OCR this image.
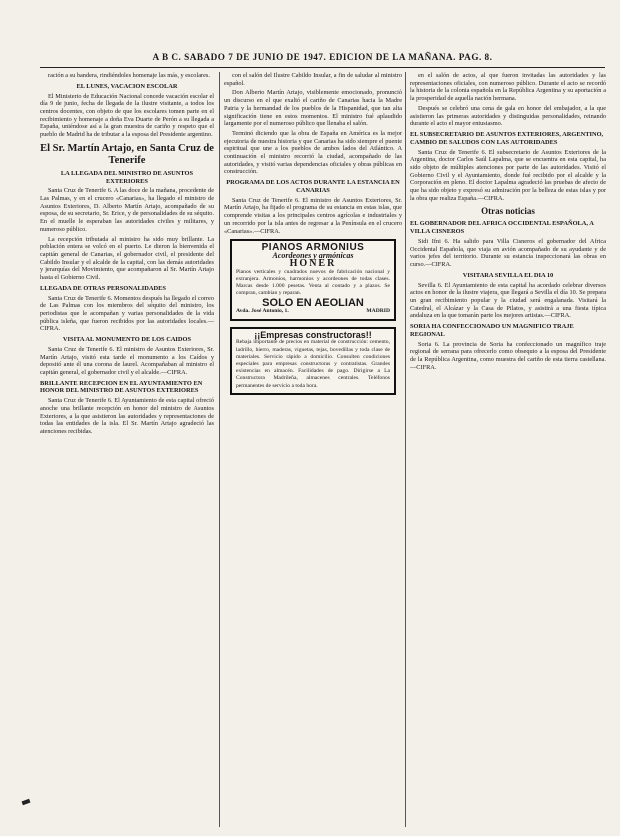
A B C. SABADO 7 DE JUNIO DE 1947. EDICION DE LA MAÑANA. PAG. 8.

ración a su bandera, rindiéndoles homenaje las más, y escolares.

EL LUNES, VACACION ESCOLAR

El Ministerio de Educación Nacional concede vacación escolar el día 9 de junio, fecha de llegada de la ilustre visitante, a todos los centros docentes, con objeto de que los escolares tomen parte en el recibimiento y homenaje a doña Eva Duarte de Perón a su llegada a España, uniéndose así a la gran muestra de cariño y respeto que el pueblo de Madrid ha de tributar a la esposa del Presidente argentino.

El Sr. Martín Artajo, en Santa Cruz de Tenerife
LA LLEGADA DEL MINISTRO DE ASUNTOS EXTERIORES

Santa Cruz de Tenerife 6. A las doce de la mañana, procedente de Las Palmas, y en el crucero «Canarias», ha llegado el ministro de Asuntos Exteriores, D. Alberto Martín Artajo, acompañado de su esposa, de su secretario, Sr. Erice, y de personalidades de su séquito. En el muelle le esperaban las autoridades civiles y militares, y numeroso público.

La recepción tributada al ministro ha sido muy brillante. La población entera se volcó en el puerto. Le dieron la bienvenida el capitán general de Canarias, el gobernador civil, el presidente del Cabildo Insular y el alcalde de la capital, con las demás autoridades y jerarquías del Movimiento, que acompañaron al Sr. Martín Artajo hasta el Gobierno Civil.

LLEGADA DE OTRAS PERSONALIDADES

Santa Cruz de Tenerife 6. Momentos después ha llegado el correo de Las Palmas con los miembros del séquito del ministro, los periodistas que le acompañan y varias personalidades de la vida pública isleña, que fueron recibidos por las autoridades locales.—CIFRA.

VISITA AL MONUMENTO DE LOS CAIDOS

Santa Cruz de Tenerife 6. El ministro de Asuntos Exteriores, Sr. Martín Artajo, visitó esta tarde el monumento a los Caídos y depositó ante él una corona de laurel. Acompañaban al ministro el capitán general, el gobernador civil y el alcalde.—CIFRA.

BRILLANTE RECEPCION EN EL AYUNTAMIENTO EN HONOR DEL MINISTRO DE ASUNTOS EXTERIORES

Santa Cruz de Tenerife 6. El Ayuntamiento de esta capital ofreció anoche una brillante recepción en honor del ministro de Asuntos Exteriores, a la que asistieron las autoridades y representaciones de todas las entidades de la isla. El Sr. Martín Artajo agradeció las atenciones recibidas.

con el salón del Ilustre Cabildo Insular, a fin de saludar al ministro español.

Don Alberto Martín Artajo, visiblemente emocionado, pronunció un discurso en el que exaltó el cariño de Canarias hacia la Madre Patria y la hermandad de los pueblos de la Hispanidad, que tan alta significación tiene en estos momentos. El ministro fué aplaudido largamente por el numeroso público que llenaba el salón.

Terminó diciendo que la obra de España en América es la mejor ejecutoria de nuestra historia y que Canarias ha sido siempre el puente espiritual que une a los pueblos de ambos lados del Atlántico. A continuación el ministro recorrió la ciudad, acompañado de las autoridades, y visitó varias dependencias oficiales y obras públicas en construcción.

PROGRAMA DE LOS ACTOS DURANTE LA ESTANCIA EN CANARIAS

Santa Cruz de Tenerife 6. El ministro de Asuntos Exteriores, Sr. Martín Artajo, ha fijado el programa de su estancia en estas islas, que comprende visitas a los principales centros agrícolas e industriales y un recorrido por la isla antes de regresar a la Península en el crucero «Canarias».—CIFRA.

PIANOS ARMONIUS
Acordeones y armónicas
HONER
Pianos verticales y cuadrados nuevos de fabricación nacional y extranjera. Armonios, harmonios y acordeones de todas clases. Marcas desde 1.000 pesetas. Venta al contado y a plazos. Se compran, cambian y reparan.
SOLO EN AEOLIAN
Avda. José Antonio, 1.	MADRID
¡¡Empresas constructoras!!
Rebaja importante de precios en material de construcción: cemento, ladrillo, hierro, maderas, viguetas, tejas, bovedillas y toda clase de materiales. Servicio rápido a domicilio. Consulten condiciones especiales para empresas constructoras y contratistas. Grandes existencias en almacén. Facilidades de pago. Dirigirse a La Constructora Madrileña, almacenes centrales. Teléfonos permanentes de servicio a toda hora.

en el salón de actos, al que fueron invitadas las autoridades y las representaciones oficiales, con numeroso público. Durante el acto se recordó la historia de la colonia española en la República Argentina y su aportación a la prosperidad de aquella nación hermana.

Después se celebró una cena de gala en honor del embajador, a la que asistieron las primeras autoridades y distinguidas personalidades, reinando durante el acto el mayor entusiasmo.

EL SUBSECRETARIO DE ASUNTOS EXTERIORES, ARGENTINO, CAMBIO DE SALUDOS CON LAS AUTORIDADES

Santa Cruz de Tenerife 6. El subsecretario de Asuntos Exteriores de la Argentina, doctor Carlos Saúl Lapalma, que se encuentra en esta capital, ha sido objeto de múltiples atenciones por parte de las autoridades. Visitó el Gobierno Civil y el Ayuntamiento, donde fué recibido por el alcalde y la Corporación en pleno. El doctor Lapalma agradeció las pruebas de afecto de que ha sido objeto y expresó su admiración por la belleza de estas islas y por la obra que realiza España.—CIFRA.

Otras noticias
EL GOBERNADOR DEL AFRICA OCCIDENTAL ESPAÑOLA, A VILLA CISNEROS

Sidi Ifni 6. Ha salido para Villa Cisneros el gobernador del Africa Occidental Española, que viaja en avión acompañado de su ayudante y de varios jefes del territorio. Durante su estancia inspeccionará las obras en curso.—CIFRA.

VISITARA SEVILLA EL DIA 10

Sevilla 6. El Ayuntamiento de esta capital ha acordado celebrar diversos actos en honor de la ilustre viajera, que llegará a Sevilla el día 10. Se prepara un gran recibimiento popular y la ciudad será engalanada. Visitará la Catedral, el Alcázar y la Casa de Pilatos, y asistirá a una fiesta típica andaluza en la que tomarán parte los mejores artistas.—CIFRA.

SORIA HA CONFECCIONADO UN MAGNIFICO TRAJE REGIONAL

Soria 6. La provincia de Soria ha confeccionado un magnífico traje regional de serrana para ofrecerlo como obsequio a la esposa del Presidente de la República Argentina, como muestra del cariño de esta tierra castellana.—CIFRA.
